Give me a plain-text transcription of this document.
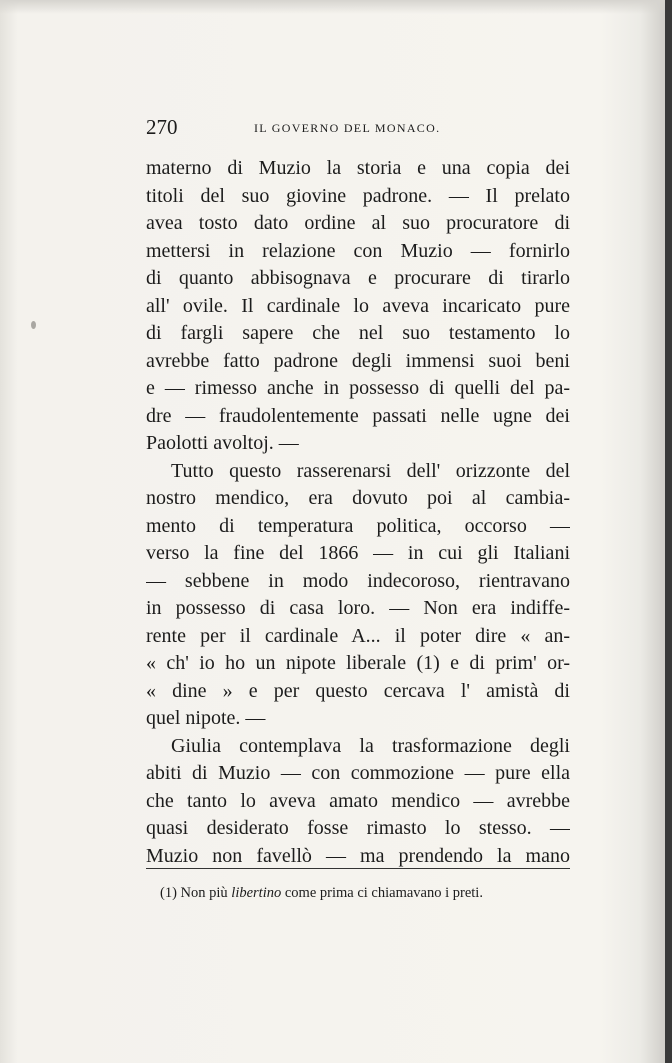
270	IL GOVERNO DEL MONACO.
materno di Muzio la storia e una copia dei
titoli del suo giovine padrone. — Il prelato
avea tosto dato ordine al suo procuratore di
mettersi in relazione con Muzio — fornirlo
di quanto abbisognava e procurare di tirarlo
all' ovile. Il cardinale lo aveva incaricato pure
di fargli sapere che nel suo testamento lo
avrebbe fatto padrone degli immensi suoi beni
e — rimesso anche in possesso di quelli del pa-
dre — fraudolentemente passati nelle ugne dei
Paolotti avoltoj. —
Tutto questo rasserenarsi dell' orizzonte del
nostro mendico, era dovuto poi al cambia-
mento di temperatura politica, occorso —
verso la fine del 1866 — in cui gli Italiani
— sebbene in modo indecoroso, rientravano
in possesso di casa loro. — Non era indiffe-
rente per il cardinale A... il poter dire « an-
« ch' io ho un nipote liberale (1) e di prim' or-
« dine » e per questo cercava l' amistà di
quel nipote. —
Giulia contemplava la trasformazione degli
abiti di Muzio — con commozione — pure ella
che tanto lo aveva amato mendico — avrebbe
quasi desiderato fosse rimasto lo stesso. —
Muzio non favellò — ma prendendo la mano
(1) Non più libertino come prima ci chiamavano i preti.
